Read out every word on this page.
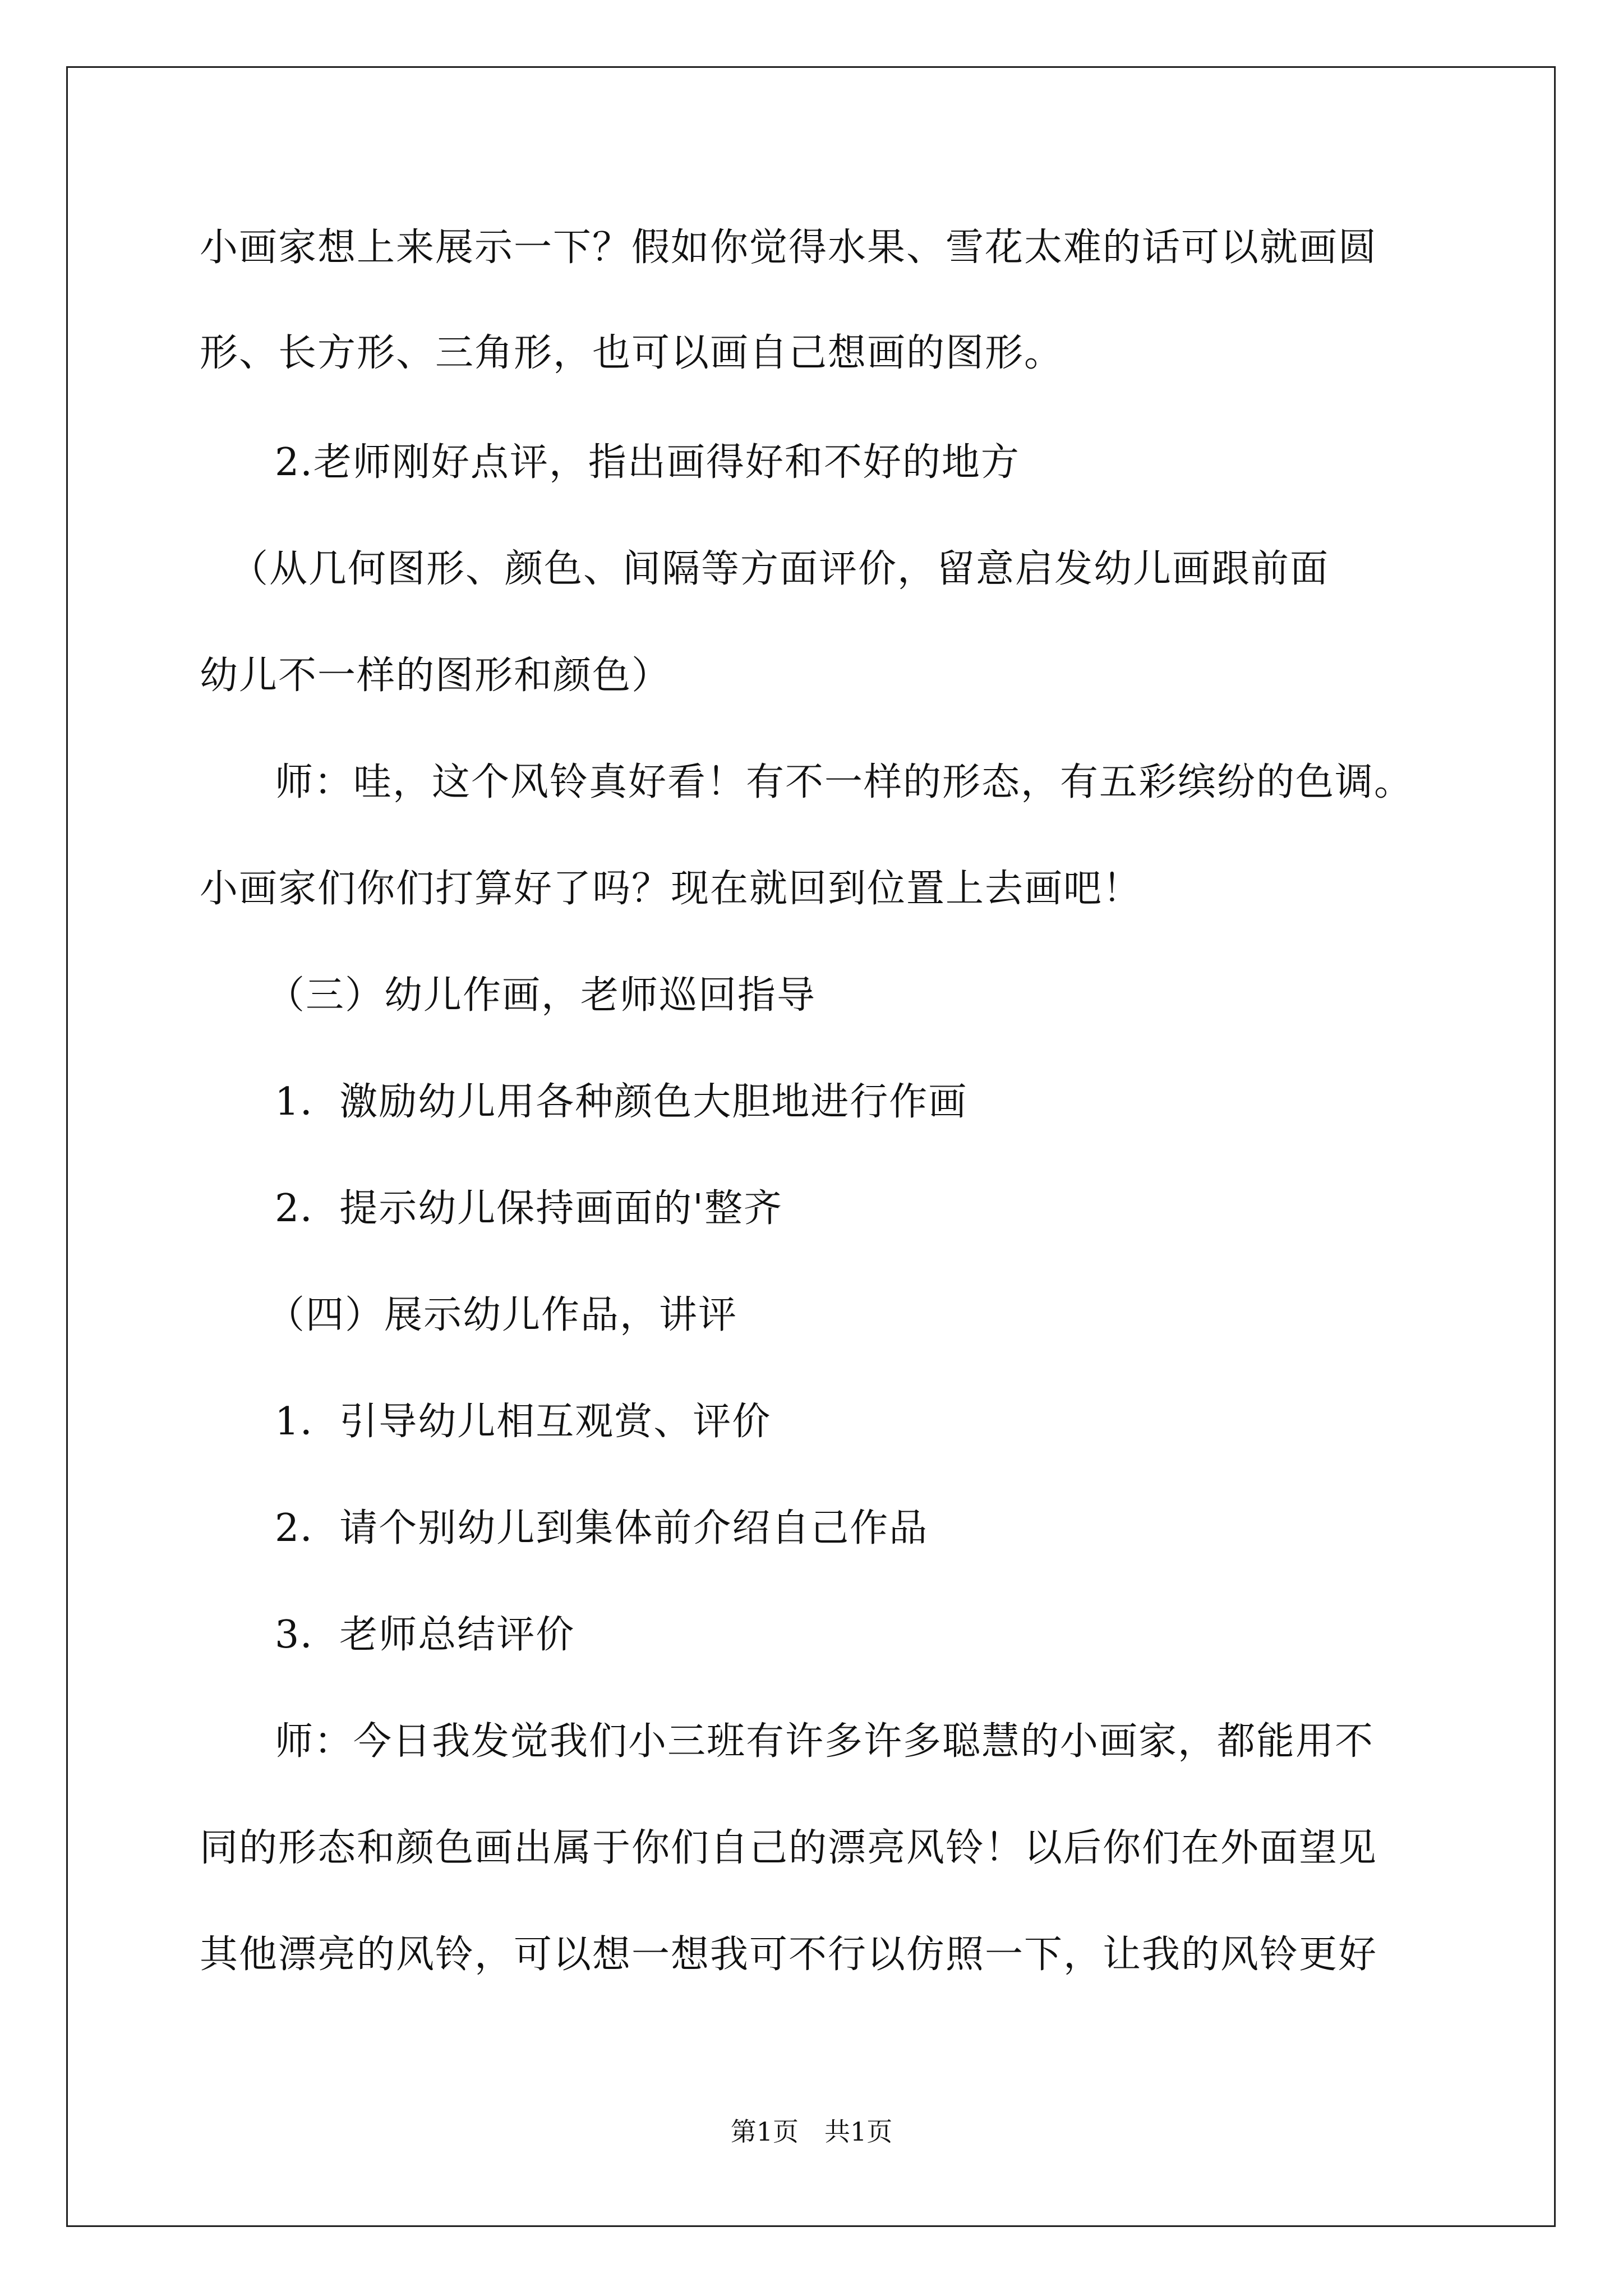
小画家想上来展示一下？假如你觉得水果、雪花太难的话可以就画圆
形、长方形、三角形，也可以画自己想画的图形。
2.老师刚好点评，指出画得好和不好的地方
（从几何图形、颜色、间隔等方面评价，留意启发幼儿画跟前面
幼儿不一样的图形和颜色）
师：哇，这个风铃真好看！有不一样的形态，有五彩缤纷的色调。
小画家们你们打算好了吗？现在就回到位置上去画吧！
（三）幼儿作画，老师巡回指导
1．激励幼儿用各种颜色大胆地进行作画
2．提示幼儿保持画面的'整齐
（四）展示幼儿作品，讲评
1．引导幼儿相互观赏、评价
2．请个别幼儿到集体前介绍自己作品
3．老师总结评价
师：今日我发觉我们小三班有许多许多聪慧的小画家，都能用不
同的形态和颜色画出属于你们自己的漂亮风铃！以后你们在外面望见
其他漂亮的风铃，可以想一想我可不行以仿照一下，让我的风铃更好
第1页　共1页
